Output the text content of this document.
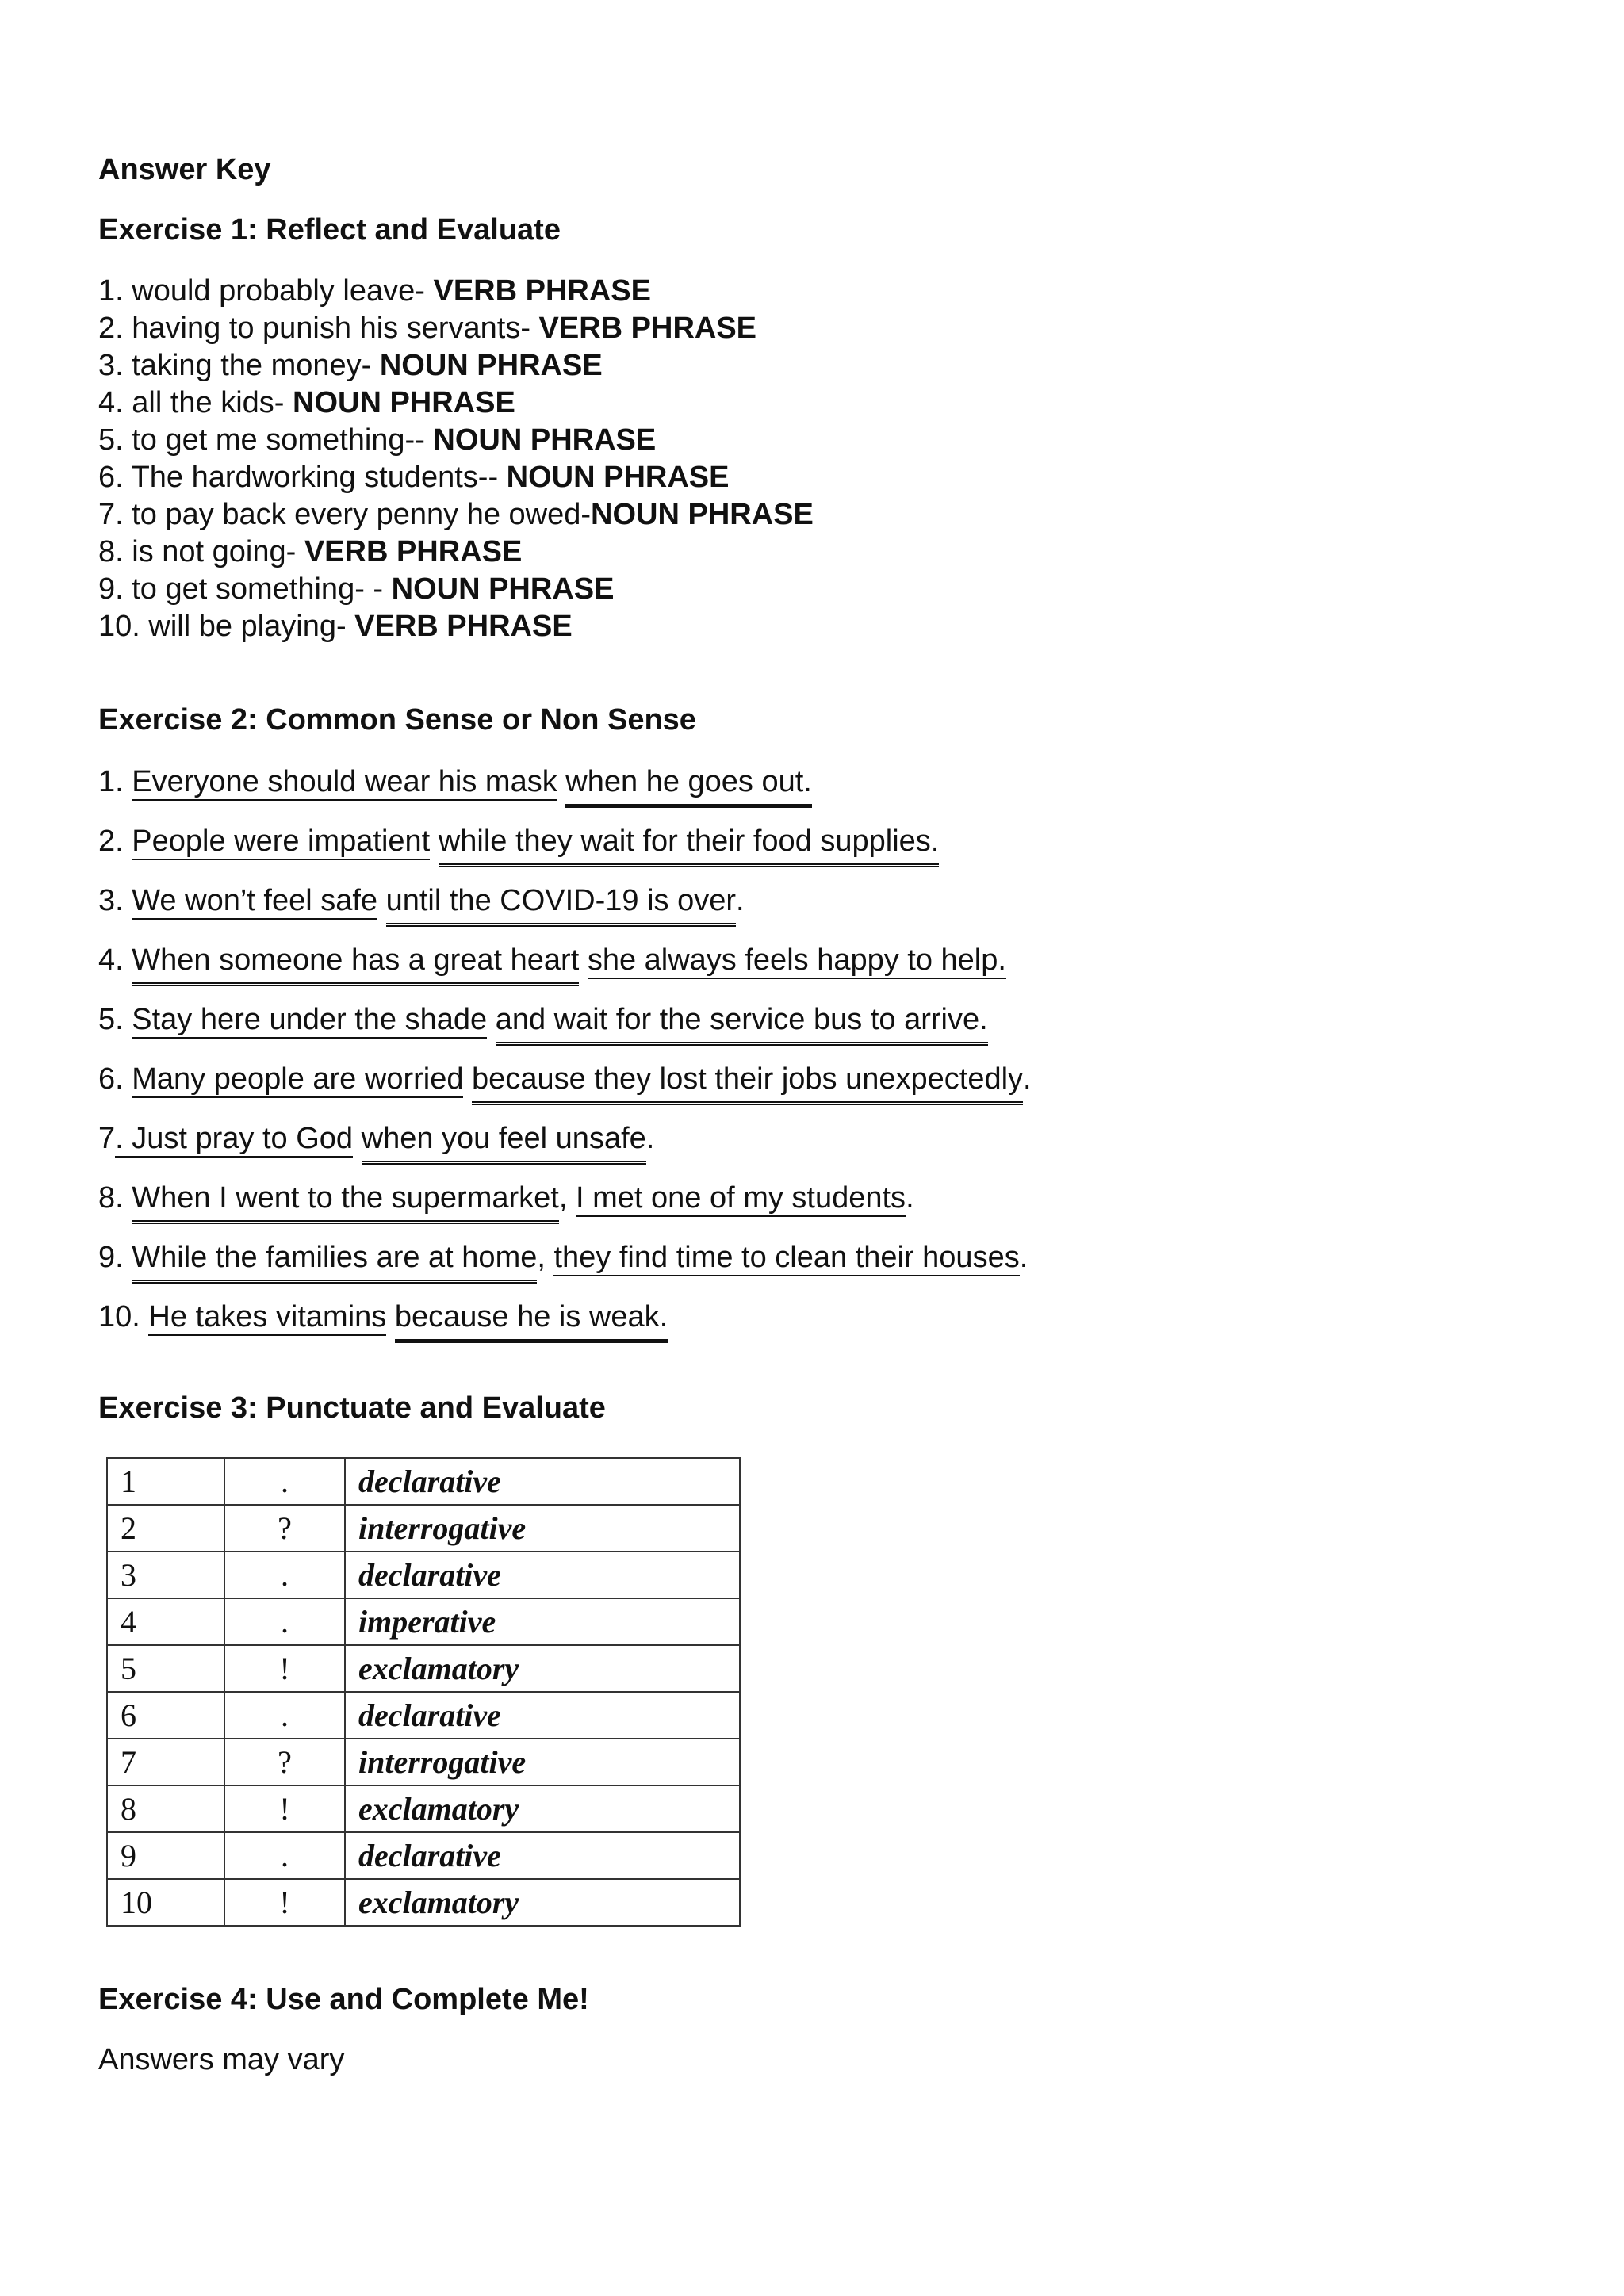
Answer Key
Exercise 1: Reflect and Evaluate
1. would probably leave- VERB PHRASE
2. having to punish his servants- VERB PHRASE
3. taking the money- NOUN PHRASE
4. all the kids- NOUN PHRASE
5. to get me something-- NOUN PHRASE
6. The hardworking students-- NOUN PHRASE
7. to pay back every penny he owed-NOUN PHRASE
8. is not going- VERB PHRASE
9. to get something- - NOUN PHRASE
10. will be playing- VERB PHRASE
Exercise 2: Common Sense or Non Sense
1. Everyone should wear his mask when he goes out.
2. People were impatient while they wait for their food supplies.
3. We won’t feel safe until the COVID-19 is over.
4. When someone has a great heart she always feels happy to help.
5. Stay here under the shade and wait for the service bus to arrive.
6. Many people are worried because they lost their jobs unexpectedly.
7. Just pray to God when you feel unsafe.
8. When I went to the supermarket, I met one of my students.
9. While the families are at home, they find time to clean their houses.
10. He takes vitamins because he is weak.
Exercise 3: Punctuate and Evaluate
1	.	declarative
2	?	interrogative
3	.	declarative
4	.	imperative
5	!	exclamatory
6	.	declarative
7	?	interrogative
8	!	exclamatory
9	.	declarative
10	!	exclamatory
Exercise 4: Use and Complete Me!

Answers may vary
